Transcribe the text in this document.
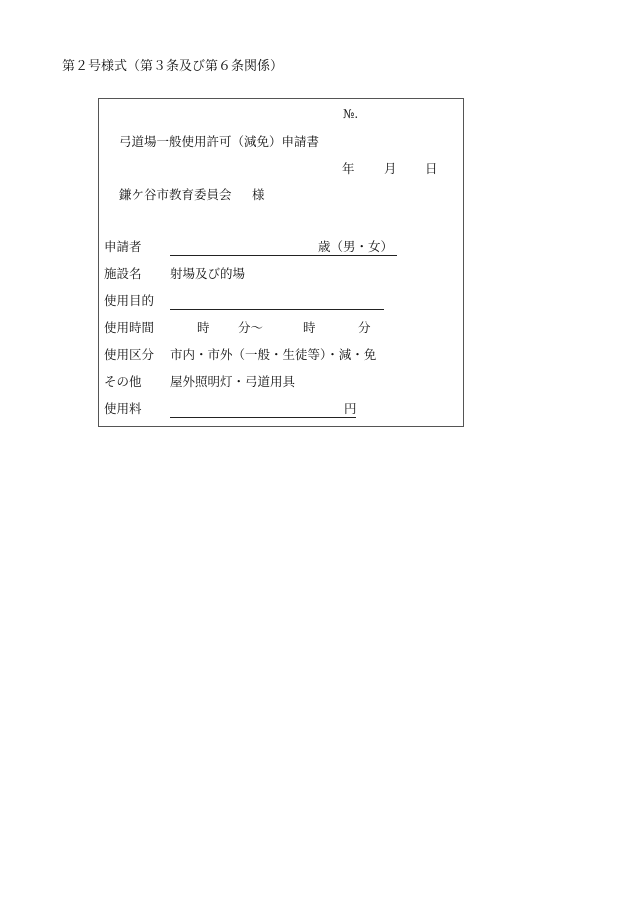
第２号様式（第３条及び第６条関係）
№.
弓道場一般使用許可（減免）申請書
年 月 日
鎌ケ谷市教育委員会 様
申請者	歳（男・女）
施設名 射場及び的場
使用目的
使用時間	時 分〜	時	分
使用区分 市内・市外（一般・生徒等）・減・免
その他 屋外照明灯・弓道用具
使用料	円
